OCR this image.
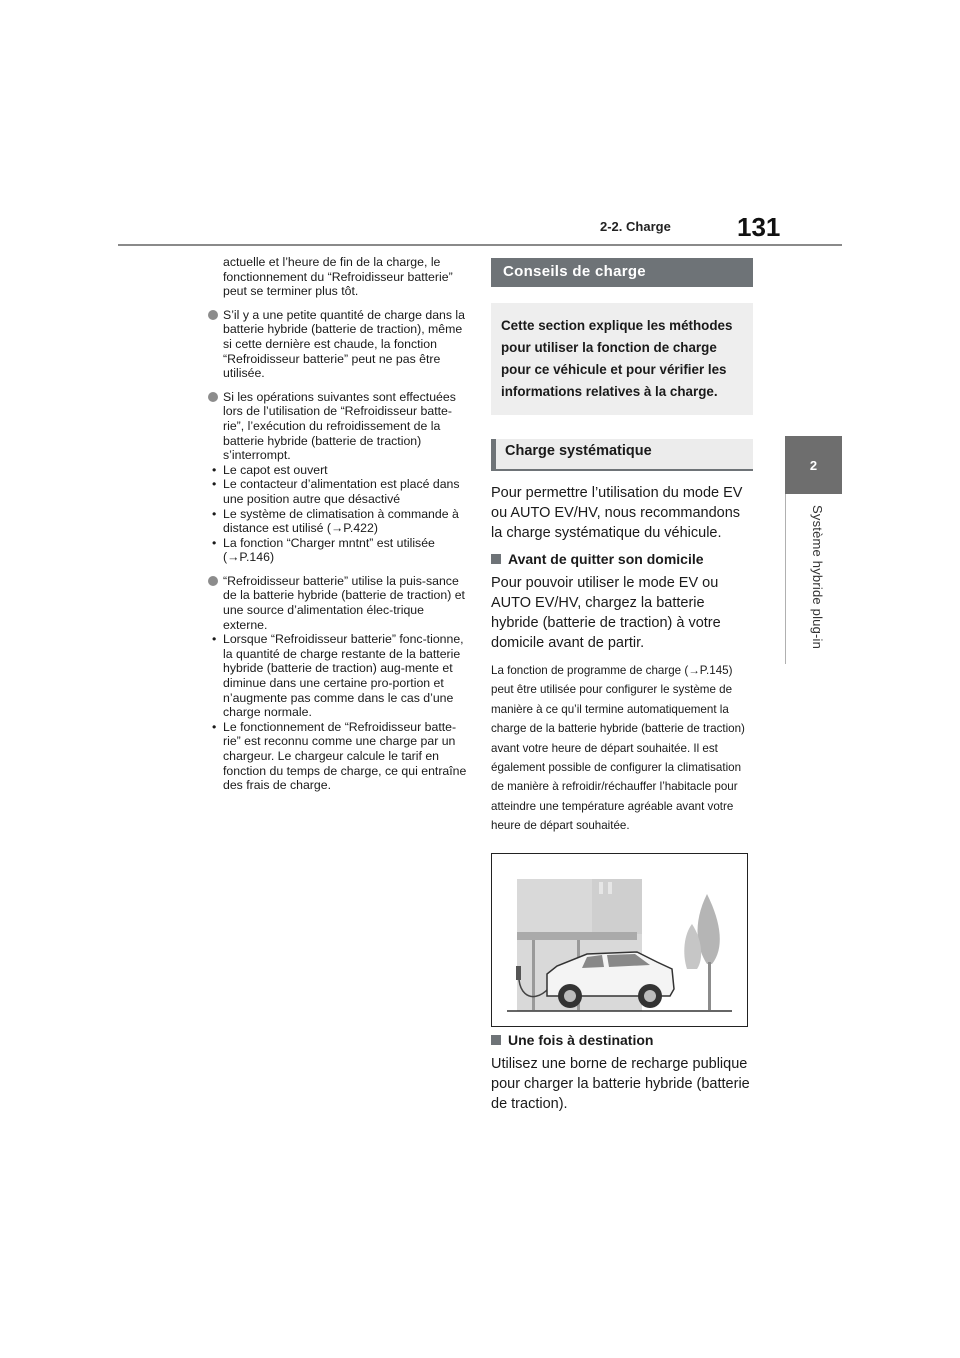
2-2. Charge	131
2
Système hybride plug-in

actuelle et l’heure de fin de la charge, le fonctionnement du “Refroidisseur batterie” peut se terminer plus tôt.

S’il y a une petite quantité de charge dans la batterie hybride (batterie de traction), même si cette dernière est chaude, la fonction “Refroidisseur batterie” peut ne pas être utilisée.

Si les opérations suivantes sont effectuées lors de l’utilisation de “Refroidisseur batte-rie”, l’exécution du refroidissement de la batterie hybride (batterie de traction) s’interrompt.

• Le capot est ouvert

• Le contacteur d’alimentation est placé dans une position autre que désactivé

• Le système de climatisation à commande à distance est utilisé (→P.422)

• La fonction “Charger mntnt” est utilisée (→P.146)

“Refroidisseur batterie” utilise la puis-sance de la batterie hybride (batterie de traction) et une source d’alimentation élec-trique externe.

• Lorsque “Refroidisseur batterie” fonc-tionne, la quantité de charge restante de la batterie hybride (batterie de traction) aug-mente et diminue dans une certaine pro-portion et n’augmente pas comme dans le cas d’une charge normale.

• Le fonctionnement de “Refroidisseur batte-rie” est reconnu comme une charge par un chargeur. Le chargeur calcule le tarif en fonction du temps de charge, ce qui entraîne des frais de charge.

Conseils de charge
Cette section explique les méthodes pour utiliser la fonction de charge pour ce véhicule et pour vérifier les informations relatives à la charge.
Charge systématique
Pour permettre l’utilisation du mode EV ou AUTO EV/HV, nous recommandons la charge systématique du véhicule.
Avant de quitter son domicile
Pour pouvoir utiliser le mode EV ou AUTO EV/HV, chargez la batterie hybride (batterie de traction) à votre domicile avant de partir.
La fonction de programme de charge (→P.145) peut être utilisée pour configurer le système de manière à ce qu’il termine automatiquement la charge de la batterie hybride (batterie de traction) avant votre heure de départ souhaitée. Il est également possible de configurer la climatisation de manière à refroidir/réchauffer l’habitacle pour atteindre une température agréable avant votre heure de départ souhaitée.
Une fois à destination
Utilisez une borne de recharge publique pour charger la batterie hybride (batterie de traction).
